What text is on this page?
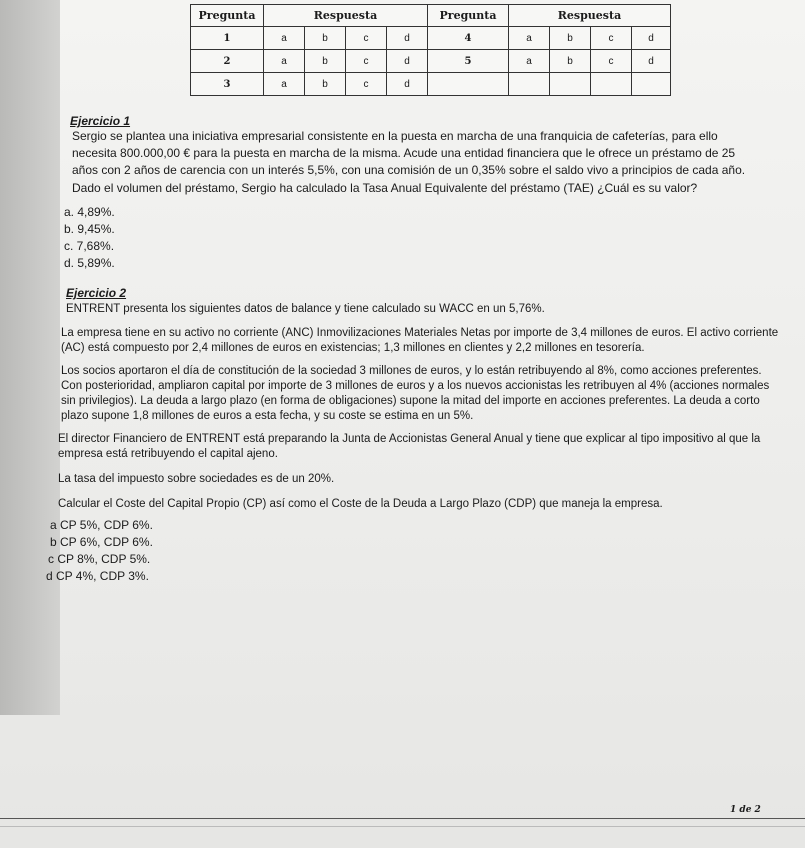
Pregunta	Respuesta				Pregunta	Respuesta			
1	a	b	c	d	4	a	b	c	d
2	a	b	c	d	5	a	b	c	d
3	a	b	c	d					
Ejercicio 1
Sergio se plantea una iniciativa empresarial consistente en la puesta en marcha de una franquicia de cafeterías, para ello
necesita 800.000,00 € para la puesta en marcha de la misma. Acude una entidad financiera que le ofrece un préstamo de 25
años con 2 años de carencia con un interés 5,5%, con una comisión de un 0,35% sobre el saldo vivo a principios de cada año.
Dado el volumen del préstamo, Sergio ha calculado la Tasa Anual Equivalente del préstamo (TAE) ¿Cuál es su valor?
a. 4,89%.
b. 9,45%.
c. 7,68%.
d. 5,89%.
Ejercicio 2
ENTRENT presenta los siguientes datos de balance y tiene calculado su WACC en un 5,76%.
La empresa tiene en su activo no corriente (ANC) Inmovilizaciones Materiales Netas por importe de 3,4 millones de euros. El activo corriente
(AC) está compuesto por 2,4 millones de euros en existencias; 1,3 millones en clientes y 2,2 millones en tesorería.
Los socios aportaron el día de constitución de la sociedad 3 millones de euros, y lo están retribuyendo al 8%, como acciones preferentes.
Con posterioridad, ampliaron capital por importe de 3 millones de euros y a los nuevos accionistas les retribuyen al 4% (acciones normales
sin privilegios). La deuda a largo plazo (en forma de obligaciones) supone la mitad del importe en acciones preferentes. La deuda a corto
plazo supone 1,8 millones de euros a esta fecha, y su coste se estima en un 5%.
El director Financiero de ENTRENT está preparando la Junta de Accionistas General Anual y tiene que explicar al tipo impositivo al que la
empresa está retribuyendo el capital ajeno.
La tasa del impuesto sobre sociedades es de un 20%.
Calcular el Coste del Capital Propio (CP) así como el Coste de la Deuda a Largo Plazo (CDP) que maneja la empresa.
a CP 5%, CDP 6%.
b CP 6%, CDP 6%.
c CP 8%, CDP 5%.
d CP 4%, CDP 3%.
1 de 2
